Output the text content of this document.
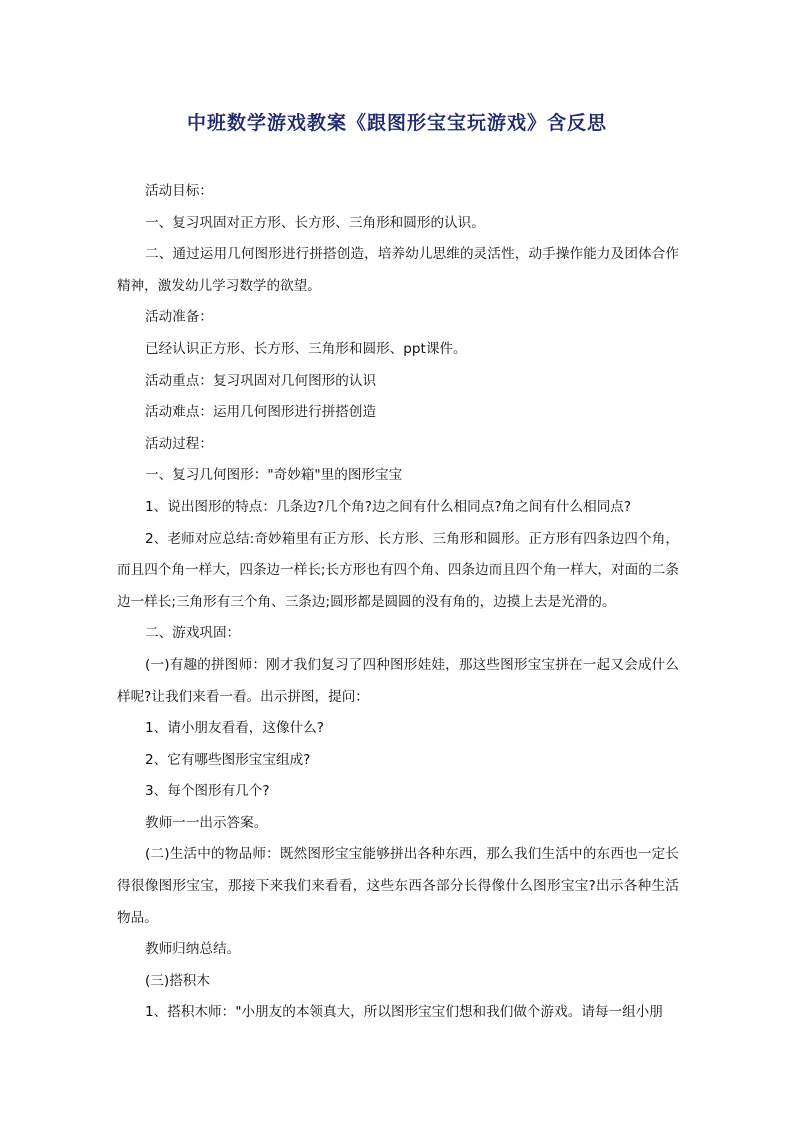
中班数学游戏教案《跟图形宝宝玩游戏》含反思

活动目标：

一、复习巩固对正方形、长方形、三角形和圆形的认识。

二、通过运用几何图形进行拼搭创造，培养幼儿思维的灵活性，动手操作能力及团体合作精神，激发幼儿学习数学的欲望。

活动准备：

已经认识正方形、长方形、三角形和圆形、ppt课件。

活动重点：复习巩固对几何图形的认识

活动难点：运用几何图形进行拼搭创造

活动过程：

一、复习几何图形："奇妙箱"里的图形宝宝

1、说出图形的特点：几条边?几个角?边之间有什么相同点?角之间有什么相同点?

2、老师对应总结:奇妙箱里有正方形、长方形、三角形和圆形。正方形有四条边四个角，而且四个角一样大，四条边一样长;长方形也有四个角、四条边而且四个角一样大，对面的二条边一样长;三角形有三个角、三条边;圆形都是圆圆的没有角的，边摸上去是光滑的。

二、游戏巩固：

(一)有趣的拼图师：刚才我们复习了四种图形娃娃，那这些图形宝宝拼在一起又会成什么样呢?让我们来看一看。出示拼图，提问：

1、请小朋友看看，这像什么?

2、它有哪些图形宝宝组成?

3、每个图形有几个?

教师一一出示答案。

(二)生活中的物品师：既然图形宝宝能够拼出各种东西，那么我们生活中的东西也一定长得很像图形宝宝，那接下来我们来看看，这些东西各部分长得像什么图形宝宝?出示各种生活物品。

教师归纳总结。

(三)搭积木

1、搭积木师："小朋友的本领真大，所以图形宝宝们想和我们做个游戏。请每一组小朋
